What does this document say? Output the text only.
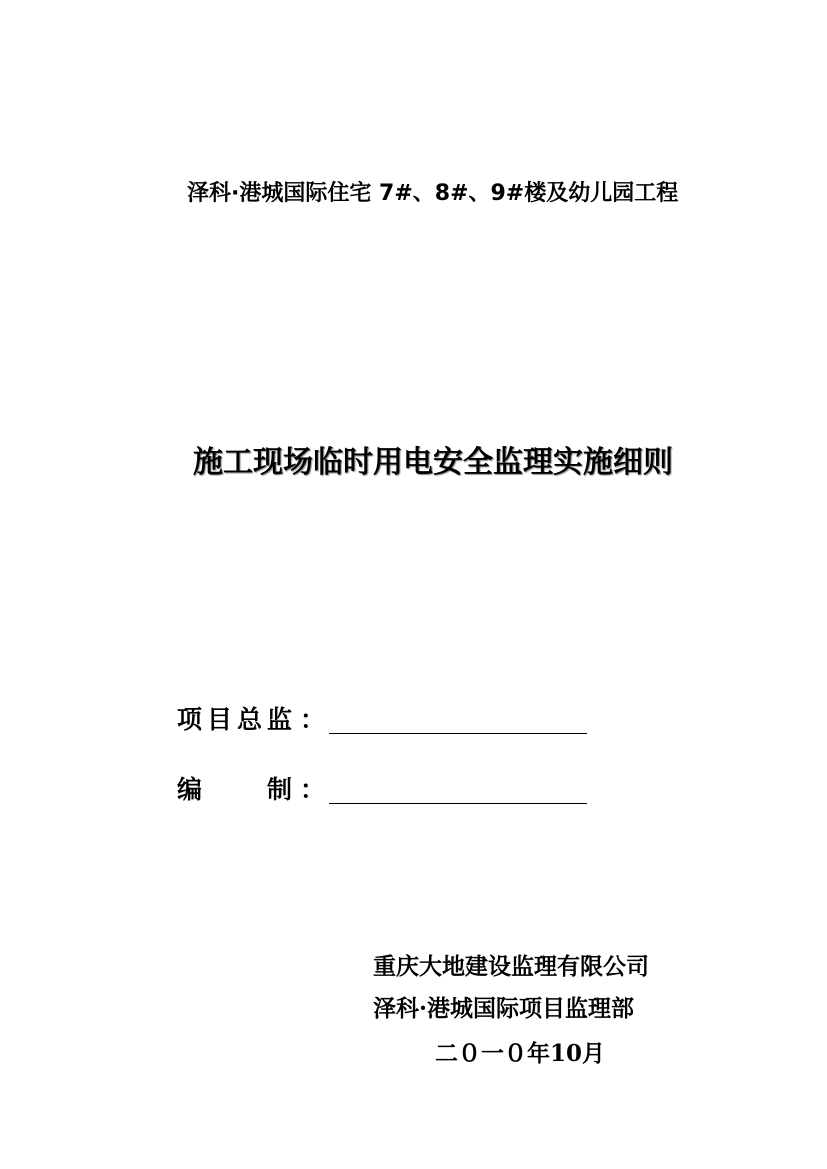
泽科·港城国际住宅 7#、8#、9#楼及幼儿园工程
施工现场临时用电安全监理实施细则
项 目 总 监 ：
编	制 ：
重庆大地建设监理有限公司
泽科·港城国际项目监理部
二０一０年10月
